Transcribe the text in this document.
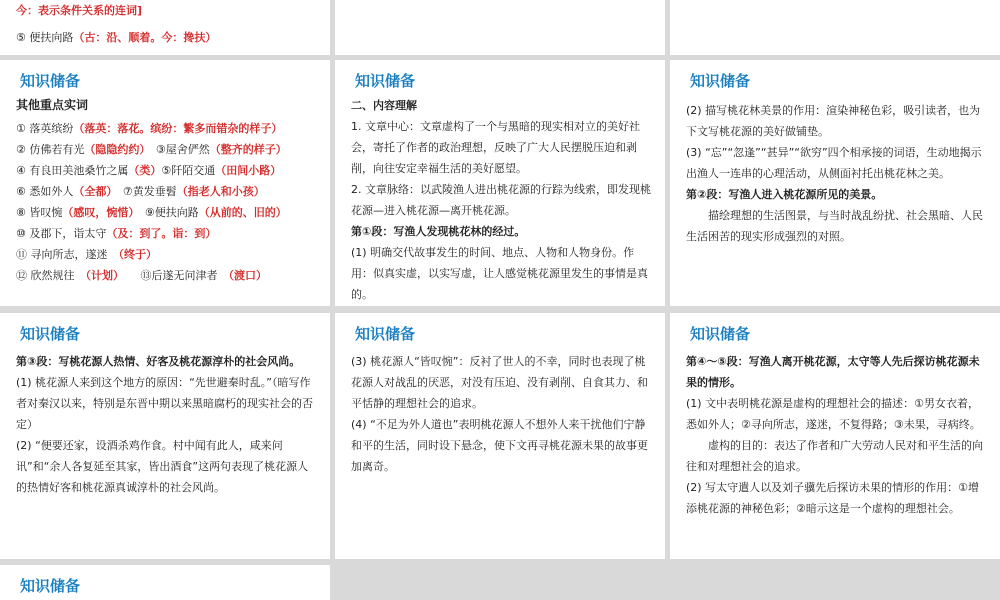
今：表示条件关系的连词]
⑤ 便扶向路（古：沿、顺着。今：搀扶）
知识储备
其他重点实词
① 落英缤纷（落英：落花。缤纷：繁多而错杂的样子）
② 仿佛若有光（隐隐约约）　③屋舍俨然（整齐的样子）
④ 有良田美池桑竹之属（类）⑤阡陌交通（田间小路）
⑥ 悉如外人（全都）　⑦黄发垂髫（指老人和小孩）
⑧ 皆叹惋（感叹，惋惜）　⑨便扶向路（从前的、旧的）
⑩ 及郡下，诣太守（及：到了。诣：到）
⑪ 寻向所志，遂迷　（终于）
⑫ 欣然规往　（计划）　　⑬后遂无问津者　（渡口）
知识储备
二、内容理解
1. 文章中心：文章虚构了一个与黑暗的现实相对立的美好社会，寄托了作者的政治理想，反映了广大人民摆脱压迫和剥削，向往安定幸福生活的美好愿望。
2. 文章脉络：以武陵渔人进出桃花源的行踪为线索，即发现桃花源—进入桃花源—离开桃花源。
第①段：写渔人发现桃花林的经过。
(1) 明确交代故事发生的时间、地点、人物和人物身份。作用：似真实虚，以实写虚，让人感觉桃花源里发生的事情是真的。
知识储备
(2) 描写桃花林美景的作用：渲染神秘色彩，吸引读者，也为下文写桃花源的美好做铺垫。
(3) “忘”“忽逢”“甚异”“欲穷”四个相承接的词语，生动地揭示出渔人一连串的心理活动，从侧面衬托出桃花林之美。
第②段：写渔人进入桃花源所见的美景。
描绘理想的生活图景，与当时战乱纷扰、社会黑暗、人民生活困苦的现实形成强烈的对照。
知识储备
第③段：写桃花源人热情、好客及桃花源淳朴的社会风尚。
(1) 桃花源人来到这个地方的原因：“先世避秦时乱。”（暗写作者对秦汉以来，特别是东晋中期以来黑暗腐朽的现实社会的否定）
(2) “便要还家，设酒杀鸡作食。村中闻有此人，咸来问讯”和“余人各复延至其家，皆出酒食”这两句表现了桃花源人的热情好客和桃花源真诚淳朴的社会风尚。
知识储备
(3) 桃花源人“皆叹惋”：反衬了世人的不幸，同时也表现了桃花源人对战乱的厌恶，对没有压迫、没有剥削、自食其力、和平恬静的理想社会的追求。
(4) “不足为外人道也”表明桃花源人不想外人来干扰他们宁静和平的生活，同时设下悬念，使下文再寻桃花源未果的故事更加离奇。
知识储备
第④～⑤段：写渔人离开桃花源，太守等人先后探访桃花源未果的情形。
(1) 文中表明桃花源是虚构的理想社会的描述：①男女衣着，悉如外人；②寻向所志，遂迷，不复得路；③未果，寻病终。
虚构的目的：表达了作者和广大劳动人民对和平生活的向往和对理想社会的追求。
(2) 写太守遣人以及刘子骥先后探访未果的情形的作用：①增添桃花源的神秘色彩；②暗示这是一个虚构的理想社会。
知识储备
